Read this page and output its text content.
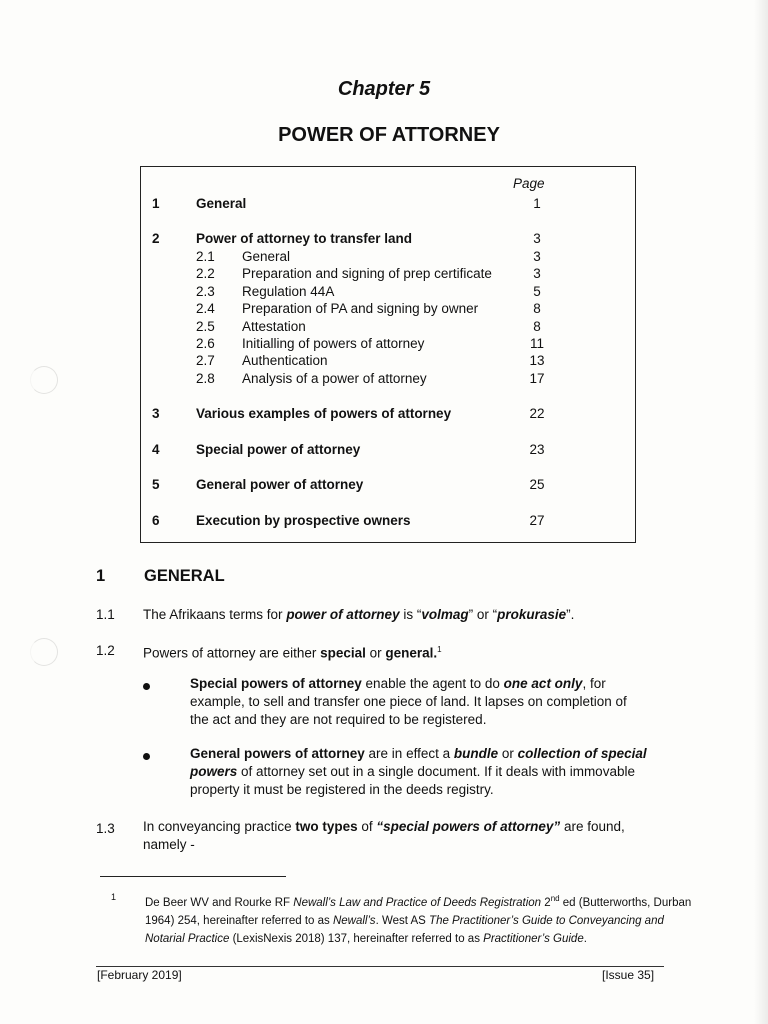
Chapter 5
POWER OF ATTORNEY
Page
1	General	1
2	Power of attorney to transfer land	3
2.1 General	3
2.2 Preparation and signing of prep certificate	3
2.3 Regulation 44A	5
2.4 Preparation of PA and signing by owner	8
2.5 Attestation	8
2.6 Initialling of powers of attorney	11
2.7 Authentication	13
2.8 Analysis of a power of attorney	17
3	Various examples of powers of attorney	22
4	Special power of attorney	23
5	General power of attorney	25
6	Execution by prospective owners	27
1 GENERAL
1.1 The Afrikaans terms for power of attorney is “volmag” or “prokurasie”.
1.2 Powers of attorney are either special or general.$^1$
Special powers of attorney enable the agent to do one act only, for example, to sell and transfer one piece of land. It lapses on completion of the act and they are not required to be registered.
General powers of attorney are in effect a bundle or collection of special powers of attorney set out in a single document. If it deals with immovable property it must be registered in the deeds registry.
1.3 In conveyancing practice two types of “special powers of attorney” are found, namely -
1	De Beer WV and Rourke RF Newall’s Law and Practice of Deeds Registration 2nd ed (Butterworths, Durban 1964) 254, hereinafter referred to as Newall’s. West AS The Practitioner’s Guide to Conveyancing and Notarial Practice (LexisNexis 2018) 137, hereinafter referred to as Practitioner’s Guide.
[February 2019]	[Issue 35]
